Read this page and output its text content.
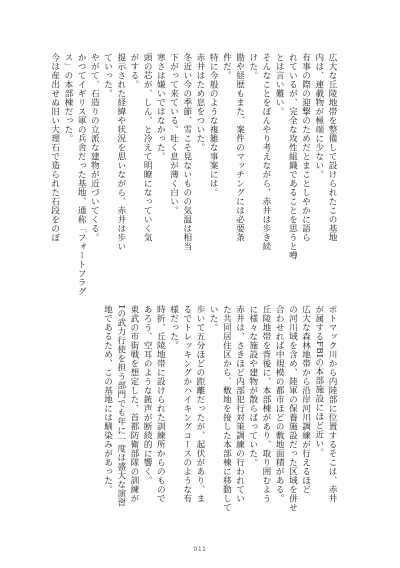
広大な丘陵地帯を整備して設けられたこの基地
内は、連載物が極端に少ない。
有事の際の迎撃のためだとまことしやかに語ら
れているが、完全な攻性組織であることを思うと噂
とは言い難い。
そんなことをぼんやり考えながら、赤井は歩き続
けた。
勘や経歴もまた、案件のマッチングには必要条
件だ。
特に今般のような複雑な事案には。
赤井はため息をついた。
冬近い今の季節、雪こそ見ないものの気温は相当
下がって来ている。吐く息が薄く白い。
寒さは嫌いではなかった。
頭の芯が、しん、と冷えて明瞭になっていく気
がする。
提示された経緯や状況を思いながら、赤井は歩い
ていった。
やがて、石造りの立派な建物が近づいてくる。
かつてイギリス軍の兵舎だった基地、通称「フォートフラグ
ス」の本部棟だった。
今は産出せぬ旧い大理石で造られた石段をのぼ
ポトマック川から内陸部に位置するそこは、赤井
が属するFBIの本部施設にほど近い。
広大な森林地帯から沿岸河川調練が行えるほど
の河川域を含め、陸軍の保養施設だった区域を併せ
合わせれば中規模の都市ほどの敷地面積がある。
丘陵地帯を背後に、本部棟があり、取り囲むよう
に様々な施設や建物が散らばっていた。
赤井は、さきほど内部犯行対策調練の行われてい
た共同居住区から、敷地を接した本部棟に移動して
いた。
歩いて五分ほどの距離だったが、起伏があり、ま
るでトレッキングかハイキングコースのような有
様だった。
時折、丘陵地帯に設けられた訓練所からのもので
あろう、空耳のような銃声が断続的に響く。
東武の市街戦を想定した、首都防衛部隊の訓練が
Iの武力行使を担う部門でも年に一度は盛大な演習
地であるため、この基地には馴染みがあった。
011
